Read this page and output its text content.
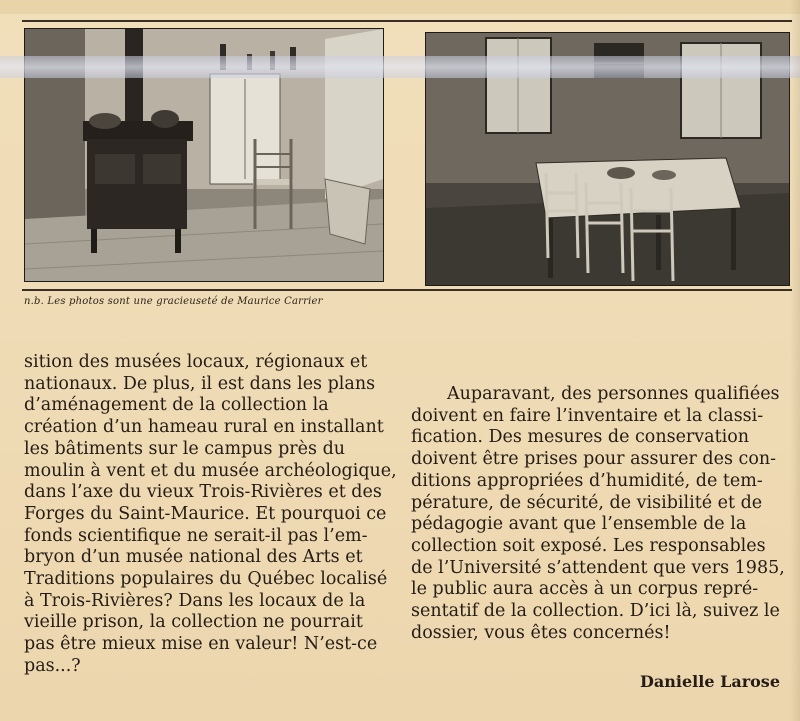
n.b. Les photos sont une gracieuseté de Maurice Carrier

sition des musées locaux, régionaux et
nationaux. De plus, il est dans les plans
d’aménagement de la collection la
création d’un hameau rural en installant
les bâtiments sur le campus près du
moulin à vent et du musée archéologique,
dans l’axe du vieux Trois-Rivières et des
Forges du Saint-Maurice. Et pourquoi ce
fonds scientifique ne serait-il pas l’em-
bryon d’un musée national des Arts et
Traditions populaires du Québec localisé
à Trois-Rivières? Dans les locaux de la
vieille prison, la collection ne pourrait
pas être mieux mise en valeur! N’est-ce
pas...?

Auparavant, des personnes qualifiées
doivent en faire l’inventaire et la classi-
fication. Des mesures de conservation
doivent être prises pour assurer des con-
ditions appropriées d’humidité, de tem-
pérature, de sécurité, de visibilité et de
pédagogie avant que l’ensemble de la
collection soit exposé. Les responsables
de l’Université s’attendent que vers 1985,
le public aura accès à un corpus repré-
sentatif de la collection. D’ici là, suivez le
dossier, vous êtes concernés!

Danielle Larose
